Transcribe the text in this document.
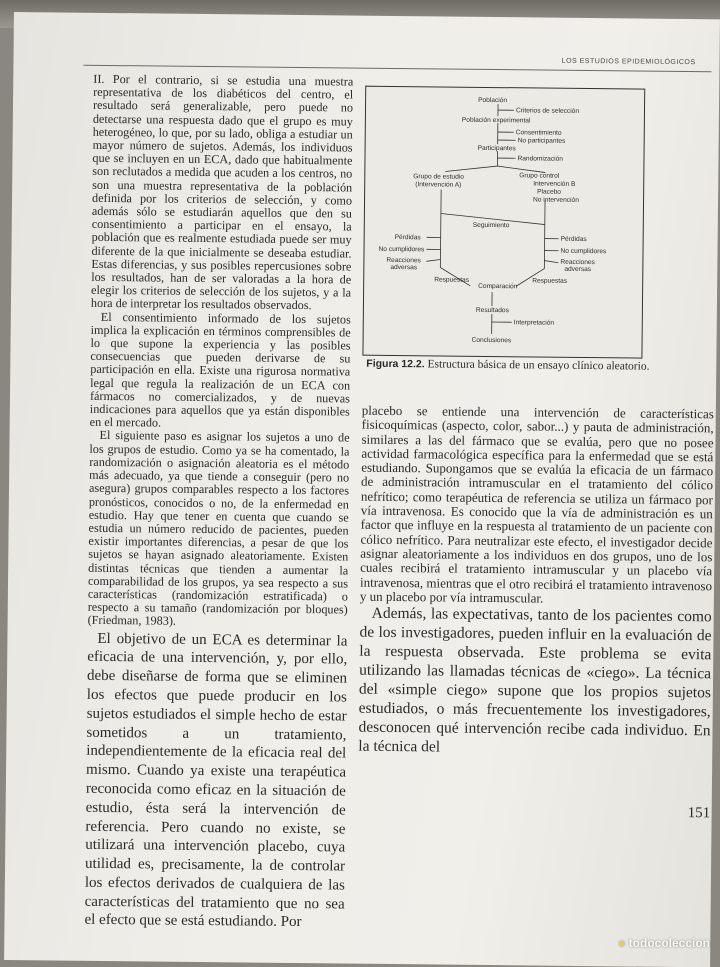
LOS ESTUDIOS EPIDEMIOLÓGICOS

II. Por el contrario, si se estudia una muestra representativa de los diabéticos del centro, el resultado será generalizable, pero puede no detectarse una respuesta dado que el grupo es muy heterogéneo, lo que, por su lado, obliga a estudiar un mayor número de sujetos. Además, los individuos que se incluyen en un ECA, dado que habitualmente son reclutados a medida que acuden a los centros, no son una muestra representativa de la población definida por los criterios de selección, y como además sólo se estudiarán aquellos que den su consentimiento a participar en el ensayo, la población que es realmente estudiada puede ser muy diferente de la que inicialmente se deseaba estudiar. Estas diferencias, y sus posibles repercusiones sobre los resultados, han de ser valoradas a la hora de elegir los criterios de selección de los sujetos, y a la hora de interpretar los resultados observados.

El consentimiento informado de los sujetos implica la explicación en términos comprensibles de lo que supone la experiencia y las posibles consecuencias que pueden derivarse de su participación en ella. Existe una rigurosa normativa legal que regula la realización de un ECA con fármacos no comercializados, y de nuevas indicaciones para aquellos que ya están disponibles en el mercado.

El siguiente paso es asignar los sujetos a uno de los grupos de estudio. Como ya se ha comentado, la randomización o asignación aleatoria es el método más adecuado, ya que tiende a conseguir (pero no asegura) grupos comparables respecto a los factores pronósticos, conocidos o no, de la enfermedad en estudio. Hay que tener en cuenta que cuando se estudia un número reducido de pacientes, pueden existir importantes diferencias, a pesar de que los sujetos se hayan asignado aleatoriamente. Existen distintas técnicas que tienden a aumentar la comparabilidad de los grupos, ya sea respecto a sus características (randomización estratificada) o respecto a su tamaño (randomización por bloques) (Friedman, 1983).

El objetivo de un ECA es determinar la eficacia de una intervención, y, por ello, debe diseñarse de forma que se eliminen los efectos que puede producir en los sujetos estudiados el simple hecho de estar sometidos a un tratamiento, independientemente de la eficacia real del mismo. Cuando ya existe una terapéutica reconocida como eficaz en la situación de estudio, ésta será la intervención de referencia. Pero cuando no existe, se utilizará una intervención placebo, cuya utilidad es, precisamente, la de controlar los efectos derivados de cualquiera de las características del tratamiento que no sea el efecto que se está estudiando. Por

Población
Criterios de selección
Población experimental
Consentimiento
No participantes
Participantes
Randomización
Grupo de estudio
(Intervención A)
Grupo control
Intervención B
Placebo
No intervención
Seguimiento
Pérdidas
No cumplidores
Reacciones
adversas
Pérdidas
No cumplidores
Reacciones
adversas
Respuestas
Comparación
Respuestas
Resultados
Interpretación
Conclusiones
Figura 12.2. Estructura básica de un ensayo clínico aleatorio.

placebo se entiende una intervención de características fisicoquímicas (aspecto, color, sabor...) y pauta de administración, similares a las del fármaco que se evalúa, pero que no posee actividad farmacológica específica para la enfermedad que se está estudiando. Supongamos que se evalúa la eficacia de un fármaco de administración intramuscular en el tratamiento del cólico nefrítico; como terapéutica de referencia se utiliza un fármaco por vía intravenosa. Es conocido que la vía de administración es un factor que influye en la respuesta al tratamiento de un paciente con cólico nefrítico. Para neutralizar este efecto, el investigador decide asignar aleatoriamente a los individuos en dos grupos, uno de los cuales recibirá el tratamiento intramuscular y un placebo vía intravenosa, mientras que el otro recibirá el tratamiento intravenoso y un placebo por vía intramuscular.

Además, las expectativas, tanto de los pacientes como de los investigadores, pueden influir en la evaluación de la respuesta observada. Este problema se evita utilizando las llamadas técnicas de «ciego». La técnica del «simple ciego» supone que los propios sujetos estudiados, o más frecuentemente los investigadores, desconocen qué intervención recibe cada individuo. En la técnica del

151
● todocoleccion
